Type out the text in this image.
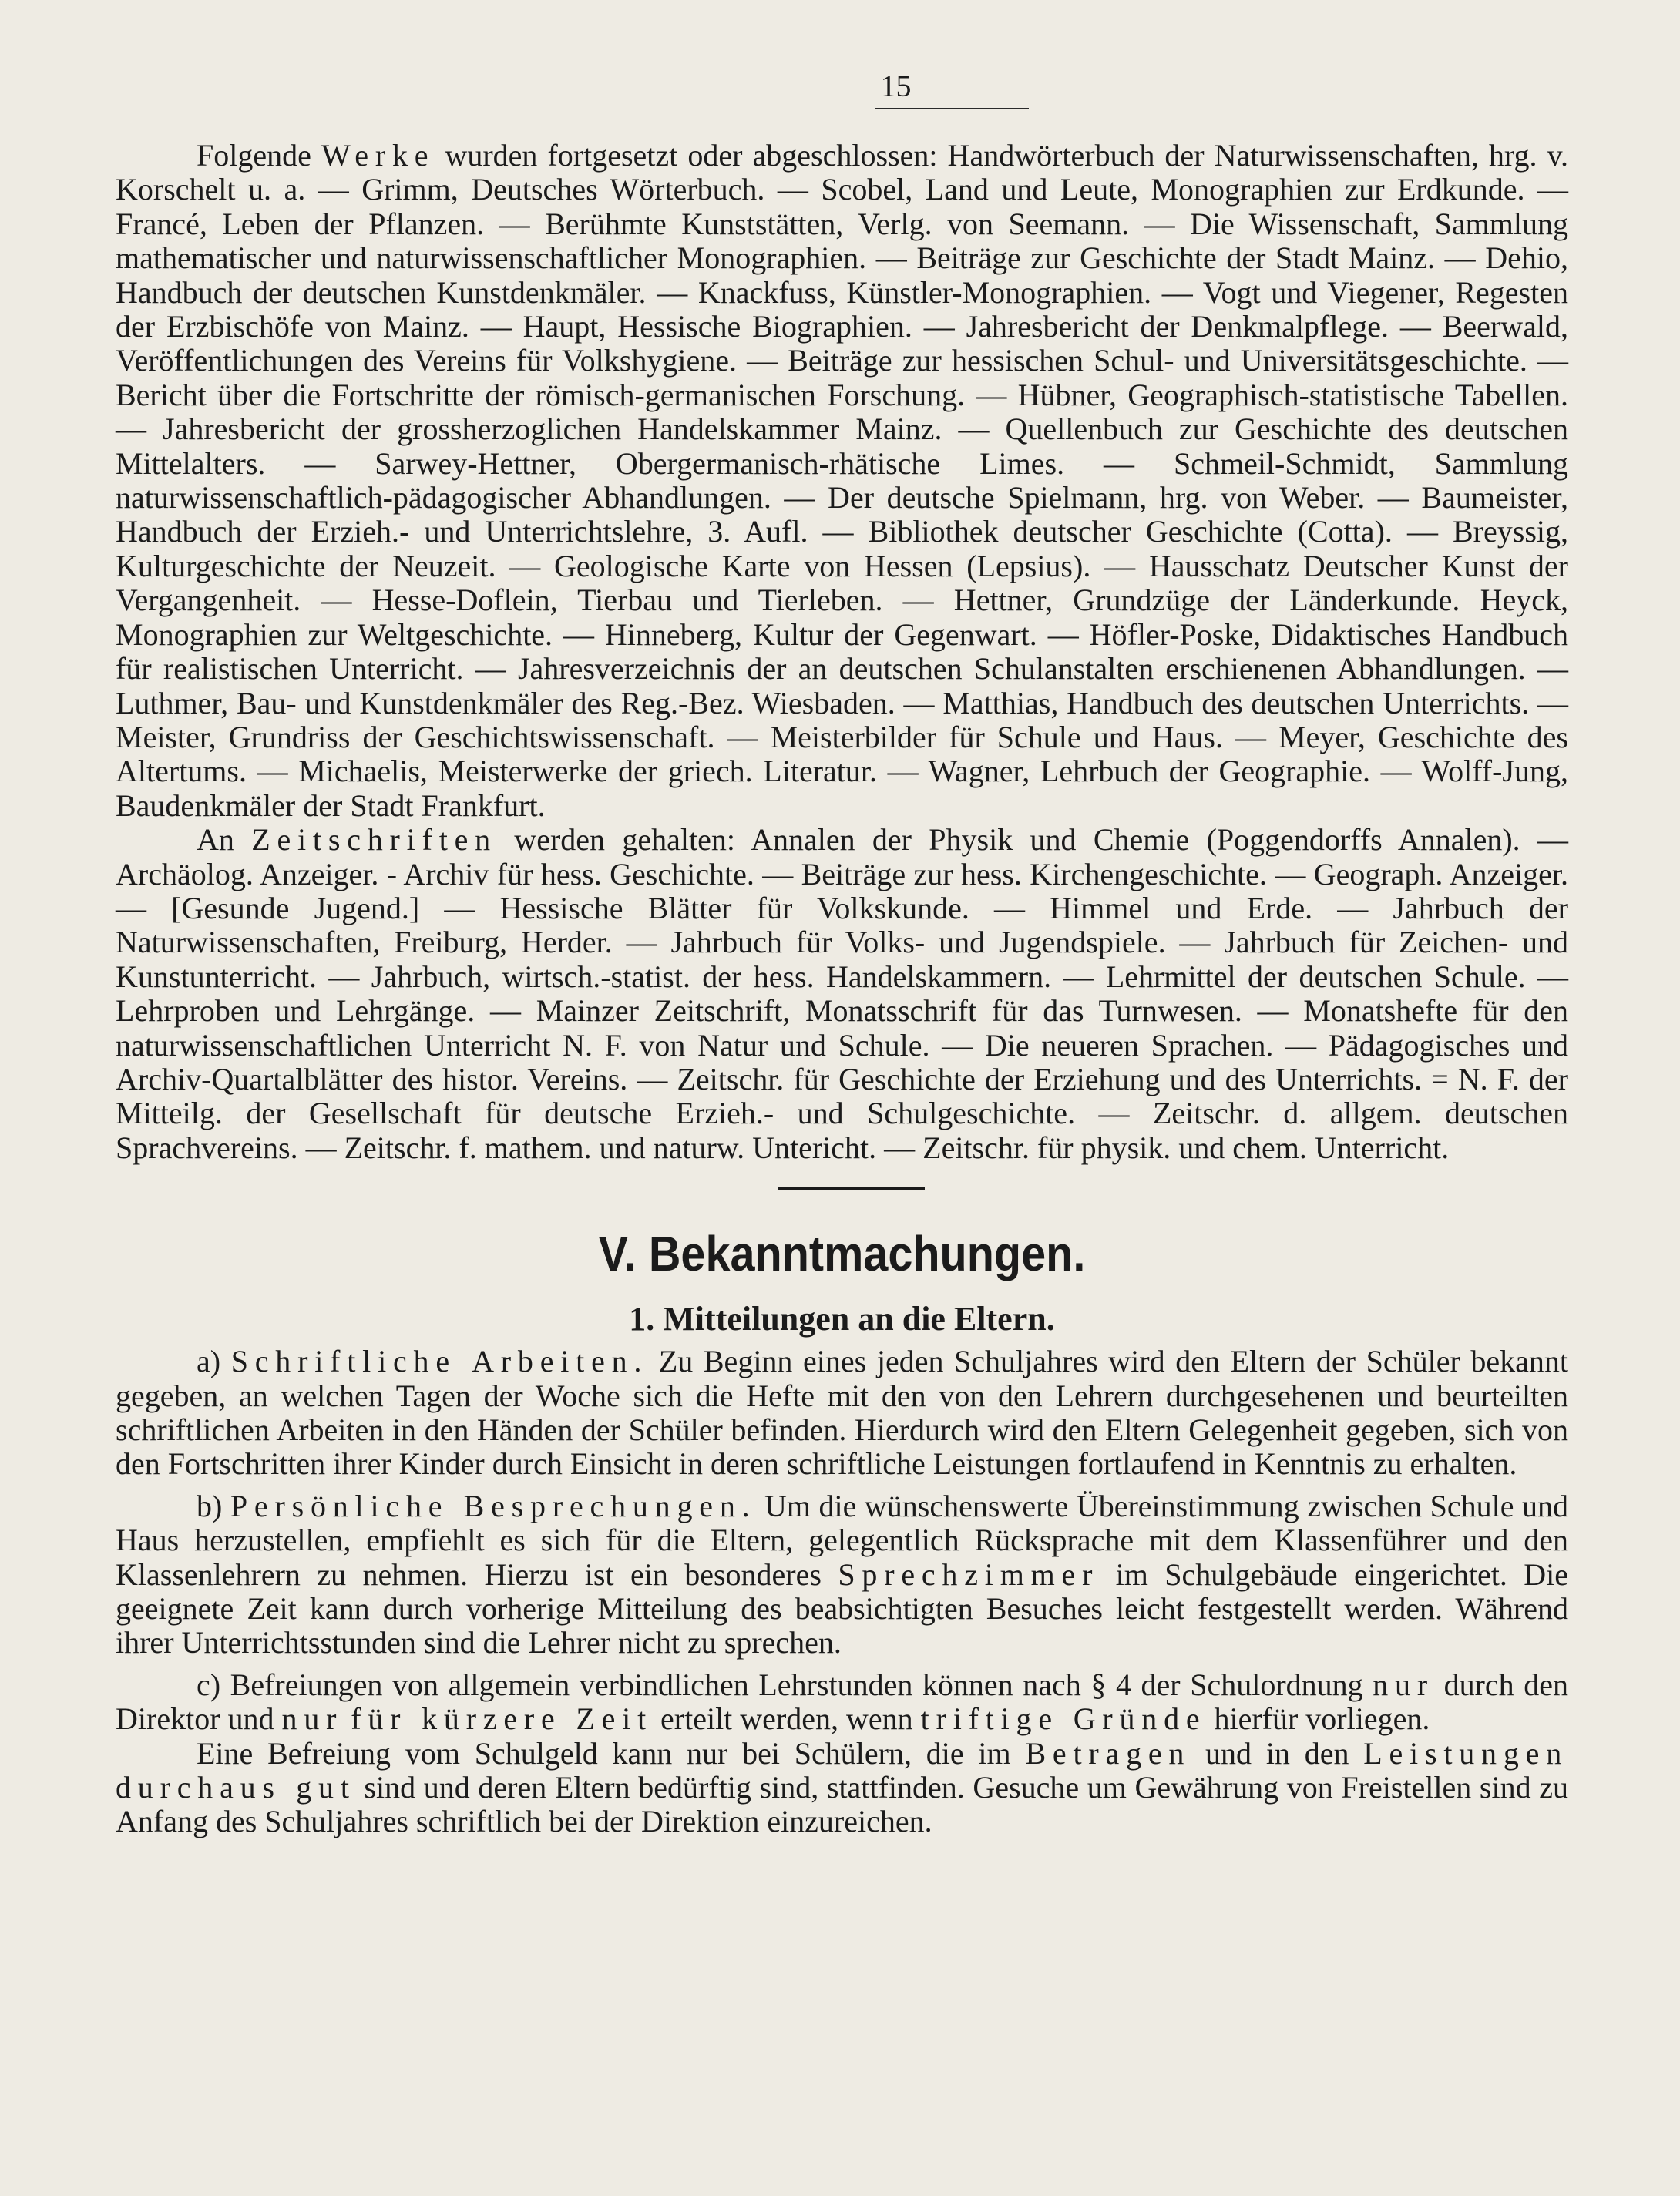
15

Folgende Werke wurden fortgesetzt oder abgeschlossen: Handwörterbuch der Naturwissenschaften, hrg. v. Korschelt u. a. — Grimm, Deutsches Wörterbuch. — Scobel, Land und Leute, Monographien zur Erdkunde. — Francé, Leben der Pflanzen. — Berühmte Kunststätten, Verlg. von Seemann. — Die Wissenschaft, Sammlung mathematischer und naturwissenschaftlicher Monographien. — Beiträge zur Geschichte der Stadt Mainz. — Dehio, Handbuch der deutschen Kunstdenkmäler. — Knackfuss, Künstler-Monographien. — Vogt und Viegener, Regesten der Erzbischöfe von Mainz. — Haupt, Hessische Biographien. — Jahresbericht der Denkmalpflege. — Beerwald, Veröffentlichungen des Vereins für Volkshygiene. — Beiträge zur hessischen Schul- und Universitätsgeschichte. — Bericht über die Fortschritte der römisch-germanischen Forschung. — Hübner, Geographisch-statistische Tabellen. — Jahresbericht der grossherzoglichen Handelskammer Mainz. — Quellenbuch zur Geschichte des deutschen Mittelalters. — Sarwey-Hettner, Obergermanisch-rhätische Limes. — Schmeil-Schmidt, Sammlung naturwissenschaftlich-pädagogischer Abhandlungen. — Der deutsche Spielmann, hrg. von Weber. — Baumeister, Handbuch der Erzieh.- und Unterrichtslehre, 3. Aufl. — Bibliothek deutscher Geschichte (Cotta). — Breyssig, Kulturgeschichte der Neuzeit. — Geologische Karte von Hessen (Lepsius). — Hausschatz Deutscher Kunst der Vergangenheit. — Hesse-Doflein, Tierbau und Tierleben. — Hettner, Grundzüge der Länderkunde. Heyck, Monographien zur Weltgeschichte. — Hinneberg, Kultur der Gegenwart. — Höfler-Poske, Didaktisches Handbuch für realistischen Unterricht. — Jahresverzeichnis der an deutschen Schulanstalten erschienenen Abhandlungen. — Luthmer, Bau- und Kunstdenkmäler des Reg.-Bez. Wiesbaden. — Matthias, Handbuch des deutschen Unterrichts. — Meister, Grundriss der Geschichtswissenschaft. — Meisterbilder für Schule und Haus. — Meyer, Geschichte des Altertums. — Michaelis, Meisterwerke der griech. Literatur. — Wagner, Lehrbuch der Geographie. — Wolff-Jung, Baudenkmäler der Stadt Frankfurt.

An Zeitschriften werden gehalten: Annalen der Physik und Chemie (Poggendorffs Annalen). — Archäolog. Anzeiger. - Archiv für hess. Geschichte. — Beiträge zur hess. Kirchengeschichte. — Geograph. Anzeiger. — [Gesunde Jugend.] — Hessische Blätter für Volkskunde. — Himmel und Erde. — Jahrbuch der Naturwissenschaften, Freiburg, Herder. — Jahrbuch für Volks- und Jugendspiele. — Jahrbuch für Zeichen- und Kunstunterricht. — Jahrbuch, wirtsch.-statist. der hess. Handelskammern. — Lehrmittel der deutschen Schule. — Lehrproben und Lehrgänge. — Mainzer Zeitschrift, Monatsschrift für das Turnwesen. — Monatshefte für den naturwissenschaftlichen Unterricht N. F. von Natur und Schule. — Die neueren Sprachen. — Pädagogisches und Archiv-Quartalblätter des histor. Vereins. — Zeitschr. für Geschichte der Erziehung und des Unterrichts. = N. F. der Mitteilg. der Gesellschaft für deutsche Erzieh.- und Schulgeschichte. — Zeitschr. d. allgem. deutschen Sprachvereins. — Zeitschr. f. mathem. und naturw. Untericht. — Zeitschr. für physik. und chem. Unterricht.

V. Bekanntmachungen.
1. Mitteilungen an die Eltern.

a) Schriftliche Arbeiten. Zu Beginn eines jeden Schuljahres wird den Eltern der Schüler bekannt gegeben, an welchen Tagen der Woche sich die Hefte mit den von den Lehrern durchgesehenen und beurteilten schriftlichen Arbeiten in den Händen der Schüler befinden. Hierdurch wird den Eltern Gelegenheit gegeben, sich von den Fortschritten ihrer Kinder durch Einsicht in deren schriftliche Leistungen fortlaufend in Kenntnis zu erhalten.

b) Persönliche Besprechungen. Um die wünschenswerte Übereinstimmung zwischen Schule und Haus herzustellen, empfiehlt es sich für die Eltern, gelegentlich Rücksprache mit dem Klassenführer und den Klassenlehrern zu nehmen. Hierzu ist ein besonderes Sprechzimmer im Schulgebäude eingerichtet. Die geeignete Zeit kann durch vorherige Mitteilung des beabsichtigten Besuches leicht festgestellt werden. Während ihrer Unterrichtsstunden sind die Lehrer nicht zu sprechen.

c) Befreiungen von allgemein verbindlichen Lehrstunden können nach § 4 der Schulordnung nur durch den Direktor und nur für kürzere Zeit erteilt werden, wenn triftige Gründe hierfür vorliegen.

Eine Befreiung vom Schulgeld kann nur bei Schülern, die im Betragen und in den Leistungen durchaus gut sind und deren Eltern bedürftig sind, stattfinden. Gesuche um Gewährung von Freistellen sind zu Anfang des Schuljahres schriftlich bei der Direktion einzureichen.
